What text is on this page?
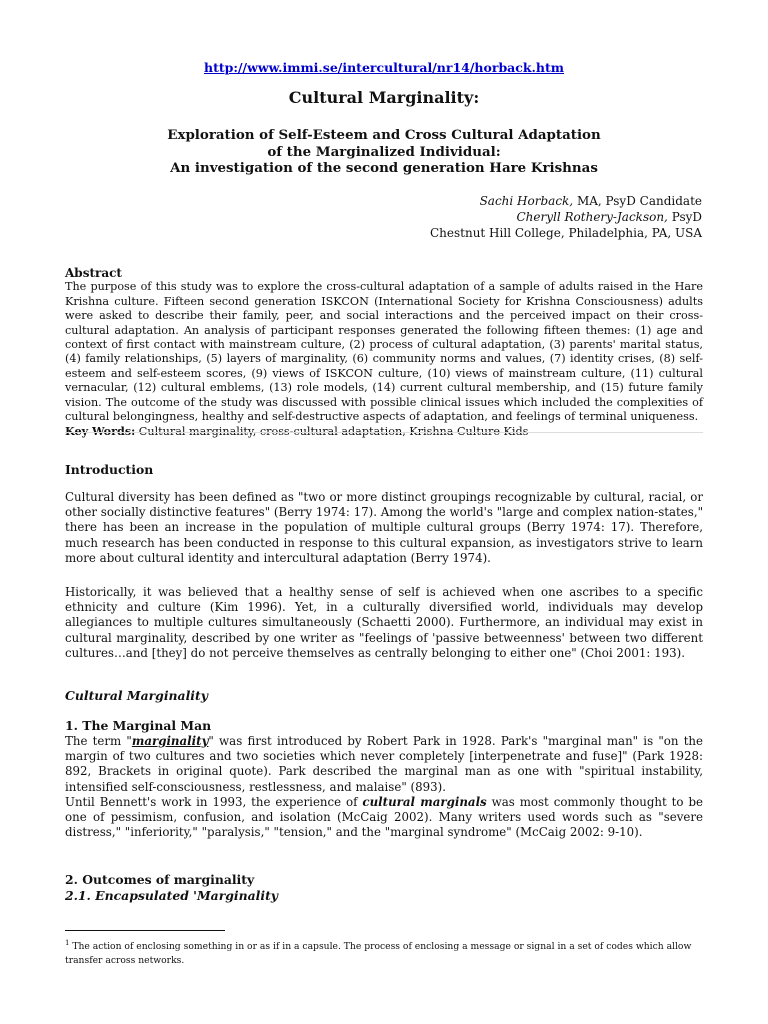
http://www.immi.se/intercultural/nr14/horback.htm
Cultural Marginality:
Exploration of Self-Esteem and Cross Cultural Adaptation
of the Marginalized Individual:
An investigation of the second generation Hare Krishnas
Sachi Horback, MA, PsyD Candidate
Cheryll Rothery-Jackson, PsyD
Chestnut Hill College, Philadelphia, PA, USA
Abstract

The purpose of this study was to explore the cross-cultural adaptation of a sample of adults raised in the Hare Krishna culture. Fifteen second generation ISKCON (International Society for Krishna Consciousness) adults were asked to describe their family, peer, and social interactions and the perceived impact on their cross-cultural adaptation. An analysis of participant responses generated the following fifteen themes: (1) age and context of first contact with mainstream culture, (2) process of cultural adaptation, (3) parents' marital status, (4) family relationships, (5) layers of marginality, (6) community norms and values, (7) identity crises, (8) self-esteem and self-esteem scores, (9) views of ISKCON culture, (10) views of mainstream culture, (11) cultural vernacular, (12) cultural emblems, (13) role models, (14) current cultural membership, and (15) future family vision. The outcome of the study was discussed with possible clinical issues which included the complexities of cultural belongingness, healthy and self-destructive aspects of adaptation, and feelings of terminal uniqueness.

Key Words: Cultural marginality, cross-cultural adaptation, Krishna Culture Kids

Introduction

Cultural diversity has been defined as "two or more distinct groupings recognizable by cultural, racial, or other socially distinctive features" (Berry 1974: 17). Among the world's "large and complex nation-states," there has been an increase in the population of multiple cultural groups (Berry 1974: 17). Therefore, much research has been conducted in response to this cultural expansion, as investigators strive to learn more about cultural identity and intercultural adaptation (Berry 1974).

Historically, it was believed that a healthy sense of self is achieved when one ascribes to a specific ethnicity and culture (Kim 1996). Yet, in a culturally diversified world, individuals may develop allegiances to multiple cultures simultaneously (Schaetti 2000). Furthermore, an individual may exist in cultural marginality, described by one writer as "feelings of 'passive betweenness' between two different cultures…and [they] do not perceive themselves as centrally belonging to either one" (Choi 2001: 193).

Cultural Marginality
1. The Marginal Man

The term "marginality" was first introduced by Robert Park in 1928. Park's "marginal man" is "on the margin of two cultures and two societies which never completely [interpenetrate and fuse]" (Park 1928: 892, Brackets in original quote). Park described the marginal man as one with "spiritual instability, intensified self-consciousness, restlessness, and malaise" (893).

Until Bennett's work in 1993, the experience of cultural marginals was most commonly thought to be one of pessimism, confusion, and isolation (McCaig 2002). Many writers used words such as "severe distress," "inferiority," "paralysis," "tension," and the "marginal syndrome" (McCaig 2002: 9-10).

2. Outcomes of marginality
2.1. Encapsulated 'Marginality
$^1$ The action of enclosing something in or as if in a capsule. The process of enclosing a message or signal in a set of codes which allow transfer across networks.
